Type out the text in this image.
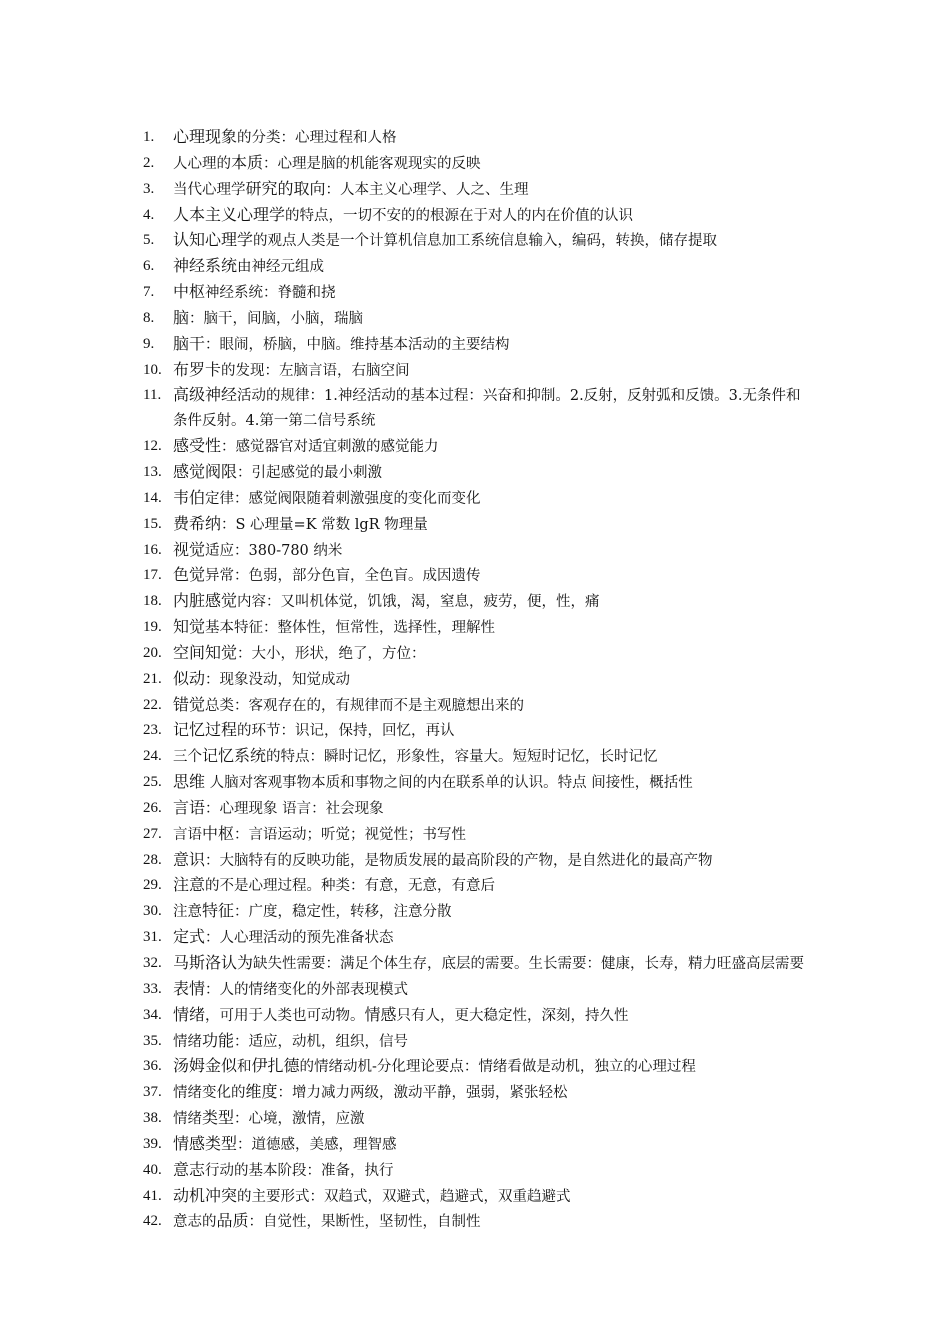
1.	心理现象的分类：心理过程和人格
2.	人心理的本质：心理是脑的机能客观现实的反映
3.	当代心理学研究的取向：人本主义心理学、人之、生理
4.	人本主义心理学的特点，一切不安的的根源在于对人的内在价值的认识
5.	认知心理学的观点人类是一个计算机信息加工系统信息输入，编码，转换，储存提取
6.	神经系统由神经元组成
7.	中枢神经系统：脊髓和挠
8.	脑：脑干，间脑，小脑，瑞脑
9.	脑干：眼闹，桥脑，中脑。维持基本活动的主要结构
10. 布罗卡的发现：左脑言语，右脑空间
11. 高级神经活动的规律：1.神经活动的基本过程：兴奋和抑制。2.反射，反射弧和反馈。3.无条件和条件反射。4.第一第二信号系统
12. 感受性：感觉器官对适宜刺激的感觉能力
13. 感觉阀限：引起感觉的最小刺激
14. 韦伯定律：感觉阀限随着刺激强度的变化而变化
15. 费希纳：S 心理量=K 常数 lgR 物理量
16. 视觉适应：380-780 纳米
17. 色觉异常：色弱，部分色盲，全色盲。成因遗传
18. 内脏感觉内容：又叫机体觉，饥饿，渴，窒息，疲劳，便，性，痛
19. 知觉基本特征：整体性，恒常性，选择性，理解性
20. 空间知觉：大小，形状，绝了，方位：
21. 似动：现象没动，知觉成动
22. 错觉总类：客观存在的，有规律而不是主观臆想出来的
23. 记忆过程的环节：识记，保持，回忆，再认
24. 三个记忆系统的特点：瞬时记忆，形象性，容量大。短短时记忆，长时记忆
25. 思维 人脑对客观事物本质和事物之间的内在联系单的认识。特点 间接性，概括性
26. 言语：心理现象 语言：社会现象
27. 言语中枢：言语运动；听觉；视觉性；书写性
28. 意识：大脑特有的反映功能，是物质发展的最高阶段的产物，是自然进化的最高产物
29. 注意的不是心理过程。种类：有意，无意，有意后
30. 注意特征：广度，稳定性，转移，注意分散
31. 定式：人心理活动的预先准备状态
32. 马斯洛认为缺失性需要：满足个体生存，底层的需要。生长需要：健康，长寿，精力旺盛高层需要
33. 表情：人的情绪变化的外部表现模式
34. 情绪，可用于人类也可动物。情感只有人，更大稳定性，深刻，持久性
35. 情绪功能：适应，动机，组织，信号
36. 汤姆金似和伊扎德的情绪动机-分化理论要点：情绪看做是动机，独立的心理过程
37. 情绪变化的维度：增力减力两级，激动平静，强弱，紧张轻松
38. 情绪类型：心境，激情，应激
39. 情感类型：道德感，美感，理智感
40. 意志行动的基本阶段：准备，执行
41. 动机冲突的主要形式：双趋式，双避式，趋避式，双重趋避式
42. 意志的品质：自觉性，果断性，坚韧性，自制性
